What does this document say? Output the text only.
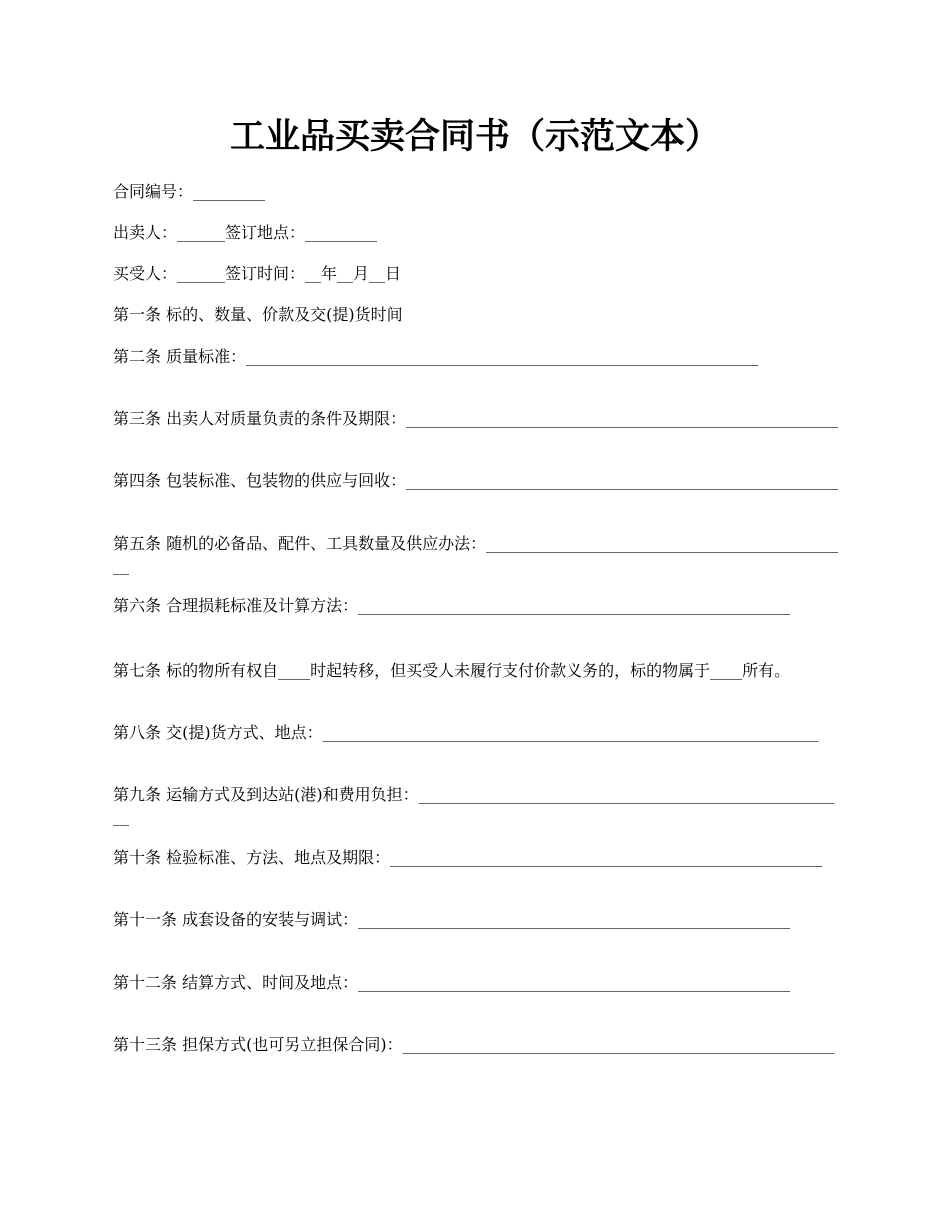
工业品买卖合同书（示范文本）
合同编号：_________
出卖人：______签订地点：_________
买受人：______签订时间：__年__月__日
第一条 标的、数量、价款及交(提)货时间
第二条 质量标准：________________________________________________________________
第三条 出卖人对质量负责的条件及期限：______________________________________________________
第四条 包装标准、包装物的供应与回收：______________________________________________________
第五条 随机的必备品、配件、工具数量及供应办法：______________________________________________
第六条 合理损耗标准及计算方法：______________________________________________________
第七条 标的物所有权自____时起转移，但买受人未履行支付价款义务的，标的物属于____所有。
第八条 交(提)货方式、地点：______________________________________________________________
第九条 运输方式及到达站(港)和费用负担：______________________________________________________
第十条 检验标准、方法、地点及期限：______________________________________________________
第十一条 成套设备的安装与调试：______________________________________________________
第十二条 结算方式、时间及地点：______________________________________________________
第十三条 担保方式(也可另立担保合同)：______________________________________________________
